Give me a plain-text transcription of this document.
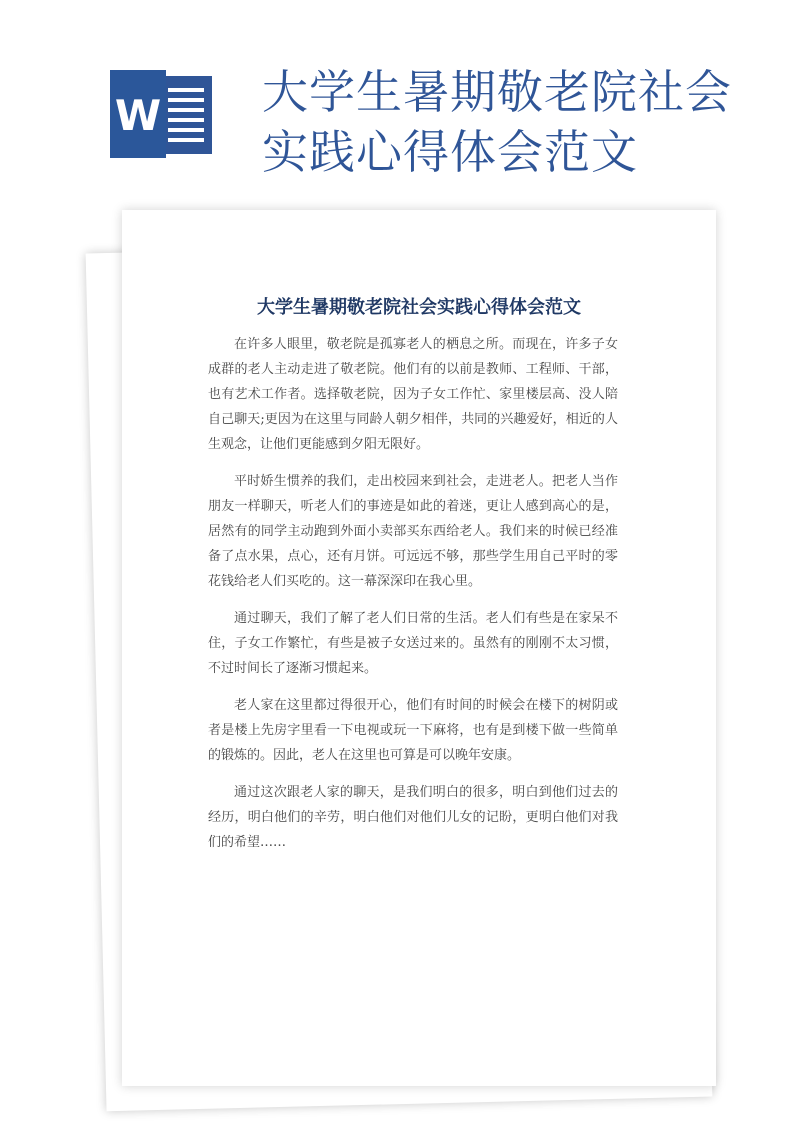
W 大学生暑期敬老院社会实践心得体会范文
大学生暑期敬老院社会实践心得体会范文

在许多人眼里，敬老院是孤寡老人的栖息之所。而现在，许多子女成群的老人主动走进了敬老院。他们有的以前是教师、工程师、干部，也有艺术工作者。选择敬老院，因为子女工作忙、家里楼层高、没人陪自己聊天;更因为在这里与同龄人朝夕相伴，共同的兴趣爱好，相近的人生观念，让他们更能感到夕阳无限好。

平时娇生惯养的我们，走出校园来到社会，走进老人。把老人当作朋友一样聊天，听老人们的事迹是如此的着迷，更让人感到高心的是，居然有的同学主动跑到外面小卖部买东西给老人。我们来的时候已经准备了点水果，点心，还有月饼。可远远不够，那些学生用自己平时的零花钱给老人们买吃的。这一幕深深印在我心里。

通过聊天，我们了解了老人们日常的生活。老人们有些是在家呆不住，子女工作繁忙，有些是被子女送过来的。虽然有的刚刚不太习惯，不过时间长了逐渐习惯起来。

老人家在这里都过得很开心，他们有时间的时候会在楼下的树阴或者是楼上先房字里看一下电视或玩一下麻将，也有是到楼下做一些简单的锻炼的。因此，老人在这里也可算是可以晚年安康。

通过这次跟老人家的聊天，是我们明白的很多，明白到他们过去的经历，明白他们的辛劳，明白他们对他们儿女的记盼，更明白他们对我们的希望……
